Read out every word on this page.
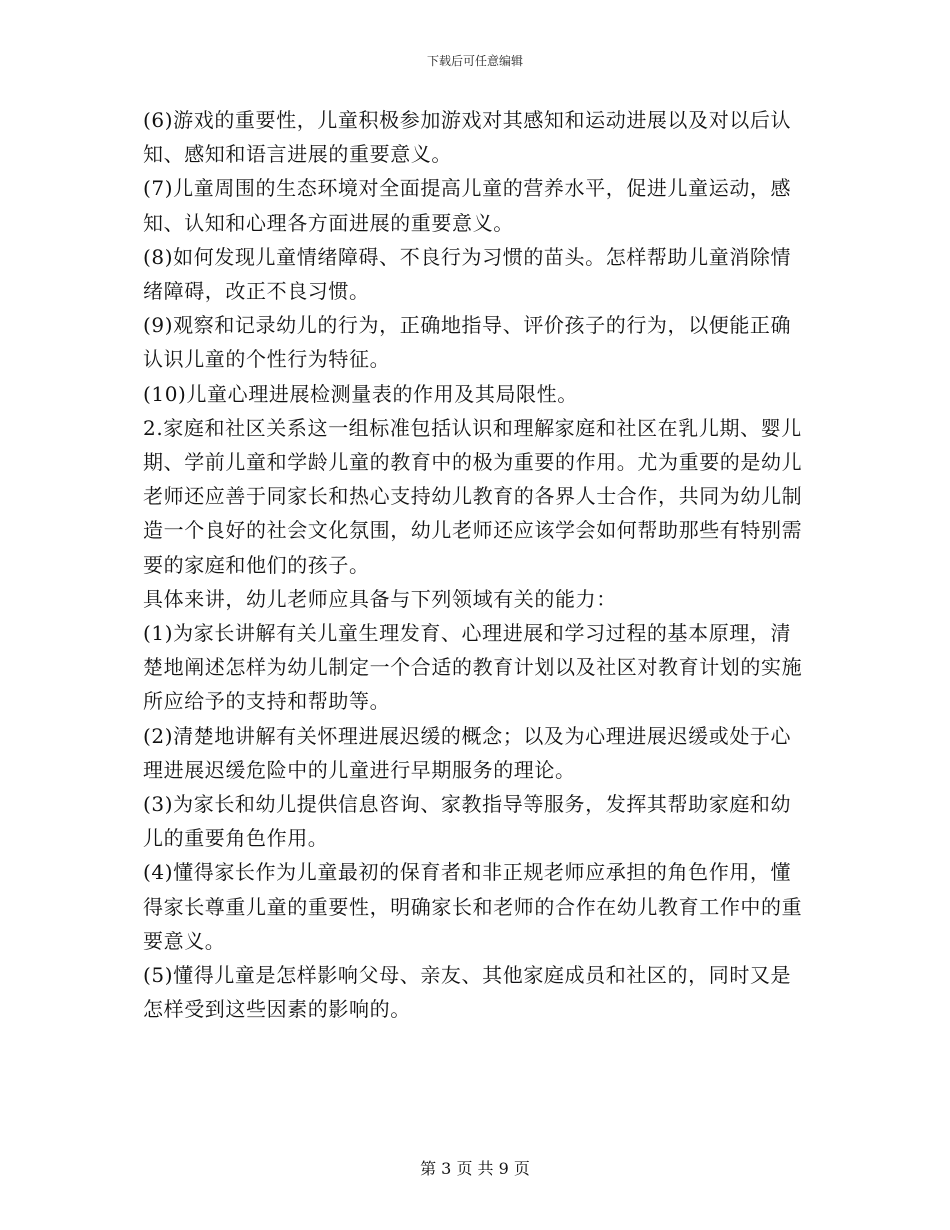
下载后可任意编辑

(6)游戏的重要性，儿童积极参加游戏对其感知和运动进展以及对以后认知、感知和语言进展的重要意义。

(7)儿童周围的生态环境对全面提高儿童的营养水平，促进儿童运动，感知、认知和心理各方面进展的重要意义。

(8)如何发现儿童情绪障碍、不良行为习惯的苗头。怎样帮助儿童消除情绪障碍，改正不良习惯。

(9)观察和记录幼儿的行为，正确地指导、评价孩子的行为，以便能正确认识儿童的个性行为特征。

(10)儿童心理进展检测量表的作用及其局限性。

2.家庭和社区关系这一组标准包括认识和理解家庭和社区在乳儿期、婴儿期、学前儿童和学龄儿童的教育中的极为重要的作用。尤为重要的是幼儿老师还应善于同家长和热心支持幼儿教育的各界人士合作，共同为幼儿制造一个良好的社会文化氛围，幼儿老师还应该学会如何帮助那些有特别需要的家庭和他们的孩子。

具体来讲，幼儿老师应具备与下列领域有关的能力：

(1)为家长讲解有关儿童生理发育、心理进展和学习过程的基本原理，清楚地阐述怎样为幼儿制定一个合适的教育计划以及社区对教育计划的实施所应给予的支持和帮助等。

(2)清楚地讲解有关怀理进展迟缓的概念；以及为心理进展迟缓或处于心理进展迟缓危险中的儿童进行早期服务的理论。

(3)为家长和幼儿提供信息咨询、家教指导等服务，发挥其帮助家庭和幼儿的重要角色作用。

(4)懂得家长作为儿童最初的保育者和非正规老师应承担的角色作用，懂得家长尊重儿童的重要性，明确家长和老师的合作在幼儿教育工作中的重要意义。

(5)懂得儿童是怎样影响父母、亲友、其他家庭成员和社区的，同时又是怎样受到这些因素的影响的。

第 3 页 共 9 页
